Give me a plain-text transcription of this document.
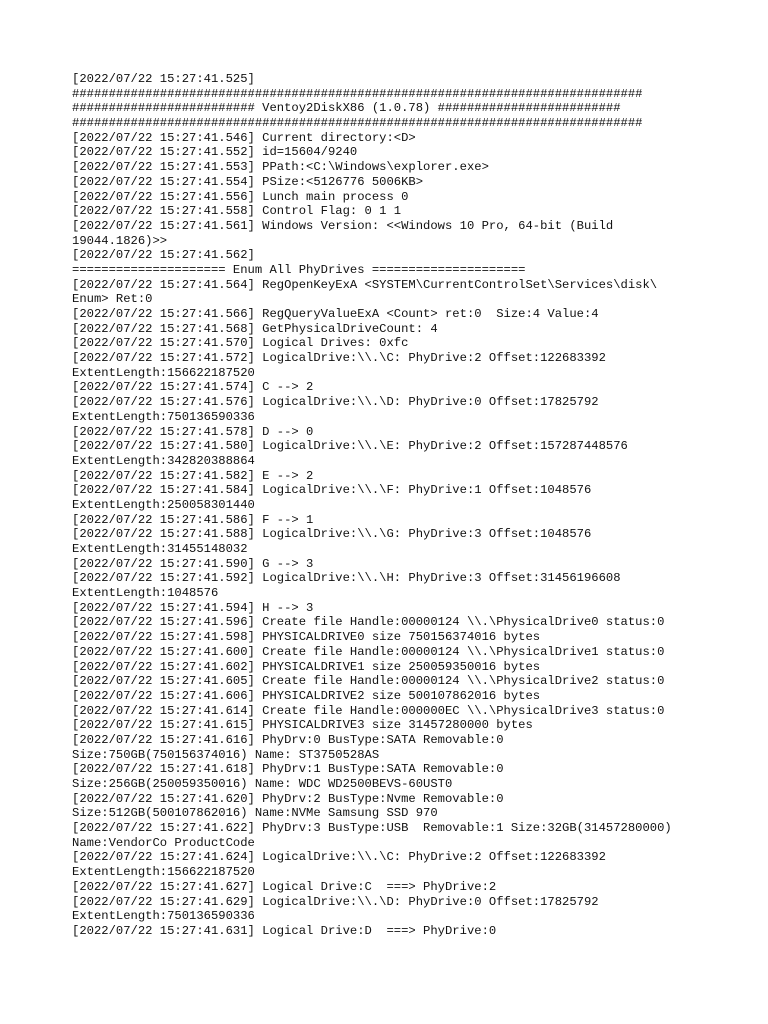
[2022/07/22 15:27:41.525]
##############################################################################
######################### Ventoy2DiskX86 (1.0.78) #########################
##############################################################################
[2022/07/22 15:27:41.546] Current directory:<D>
[2022/07/22 15:27:41.552] id=15604/9240
[2022/07/22 15:27:41.553] PPath:<C:\Windows\explorer.exe>
[2022/07/22 15:27:41.554] PSize:<5126776 5006KB>
[2022/07/22 15:27:41.556] Lunch main process 0
[2022/07/22 15:27:41.558] Control Flag: 0 1 1
[2022/07/22 15:27:41.561] Windows Version: <<Windows 10 Pro, 64-bit (Build
19044.1826)>>
[2022/07/22 15:27:41.562]
===================== Enum All PhyDrives =====================
[2022/07/22 15:27:41.564] RegOpenKeyExA <SYSTEM\CurrentControlSet\Services\disk\
Enum> Ret:0
[2022/07/22 15:27:41.566] RegQueryValueExA <Count> ret:0  Size:4 Value:4
[2022/07/22 15:27:41.568] GetPhysicalDriveCount: 4
[2022/07/22 15:27:41.570] Logical Drives: 0xfc
[2022/07/22 15:27:41.572] LogicalDrive:\\.\C: PhyDrive:2 Offset:122683392
ExtentLength:156622187520
[2022/07/22 15:27:41.574] C --> 2
[2022/07/22 15:27:41.576] LogicalDrive:\\.\D: PhyDrive:0 Offset:17825792
ExtentLength:750136590336
[2022/07/22 15:27:41.578] D --> 0
[2022/07/22 15:27:41.580] LogicalDrive:\\.\E: PhyDrive:2 Offset:157287448576
ExtentLength:342820388864
[2022/07/22 15:27:41.582] E --> 2
[2022/07/22 15:27:41.584] LogicalDrive:\\.\F: PhyDrive:1 Offset:1048576
ExtentLength:250058301440
[2022/07/22 15:27:41.586] F --> 1
[2022/07/22 15:27:41.588] LogicalDrive:\\.\G: PhyDrive:3 Offset:1048576
ExtentLength:31455148032
[2022/07/22 15:27:41.590] G --> 3
[2022/07/22 15:27:41.592] LogicalDrive:\\.\H: PhyDrive:3 Offset:31456196608
ExtentLength:1048576
[2022/07/22 15:27:41.594] H --> 3
[2022/07/22 15:27:41.596] Create file Handle:00000124 \\.\PhysicalDrive0 status:0
[2022/07/22 15:27:41.598] PHYSICALDRIVE0 size 750156374016 bytes
[2022/07/22 15:27:41.600] Create file Handle:00000124 \\.\PhysicalDrive1 status:0
[2022/07/22 15:27:41.602] PHYSICALDRIVE1 size 250059350016 bytes
[2022/07/22 15:27:41.605] Create file Handle:00000124 \\.\PhysicalDrive2 status:0
[2022/07/22 15:27:41.606] PHYSICALDRIVE2 size 500107862016 bytes
[2022/07/22 15:27:41.614] Create file Handle:000000EC \\.\PhysicalDrive3 status:0
[2022/07/22 15:27:41.615] PHYSICALDRIVE3 size 31457280000 bytes
[2022/07/22 15:27:41.616] PhyDrv:0 BusType:SATA Removable:0
Size:750GB(750156374016) Name: ST3750528AS
[2022/07/22 15:27:41.618] PhyDrv:1 BusType:SATA Removable:0
Size:256GB(250059350016) Name: WDC WD2500BEVS-60UST0
[2022/07/22 15:27:41.620] PhyDrv:2 BusType:Nvme Removable:0
Size:512GB(500107862016) Name:NVMe Samsung SSD 970
[2022/07/22 15:27:41.622] PhyDrv:3 BusType:USB  Removable:1 Size:32GB(31457280000)
Name:VendorCo ProductCode
[2022/07/22 15:27:41.624] LogicalDrive:\\.\C: PhyDrive:2 Offset:122683392
ExtentLength:156622187520
[2022/07/22 15:27:41.627] Logical Drive:C  ===> PhyDrive:2
[2022/07/22 15:27:41.629] LogicalDrive:\\.\D: PhyDrive:0 Offset:17825792
ExtentLength:750136590336
[2022/07/22 15:27:41.631] Logical Drive:D  ===> PhyDrive:0
